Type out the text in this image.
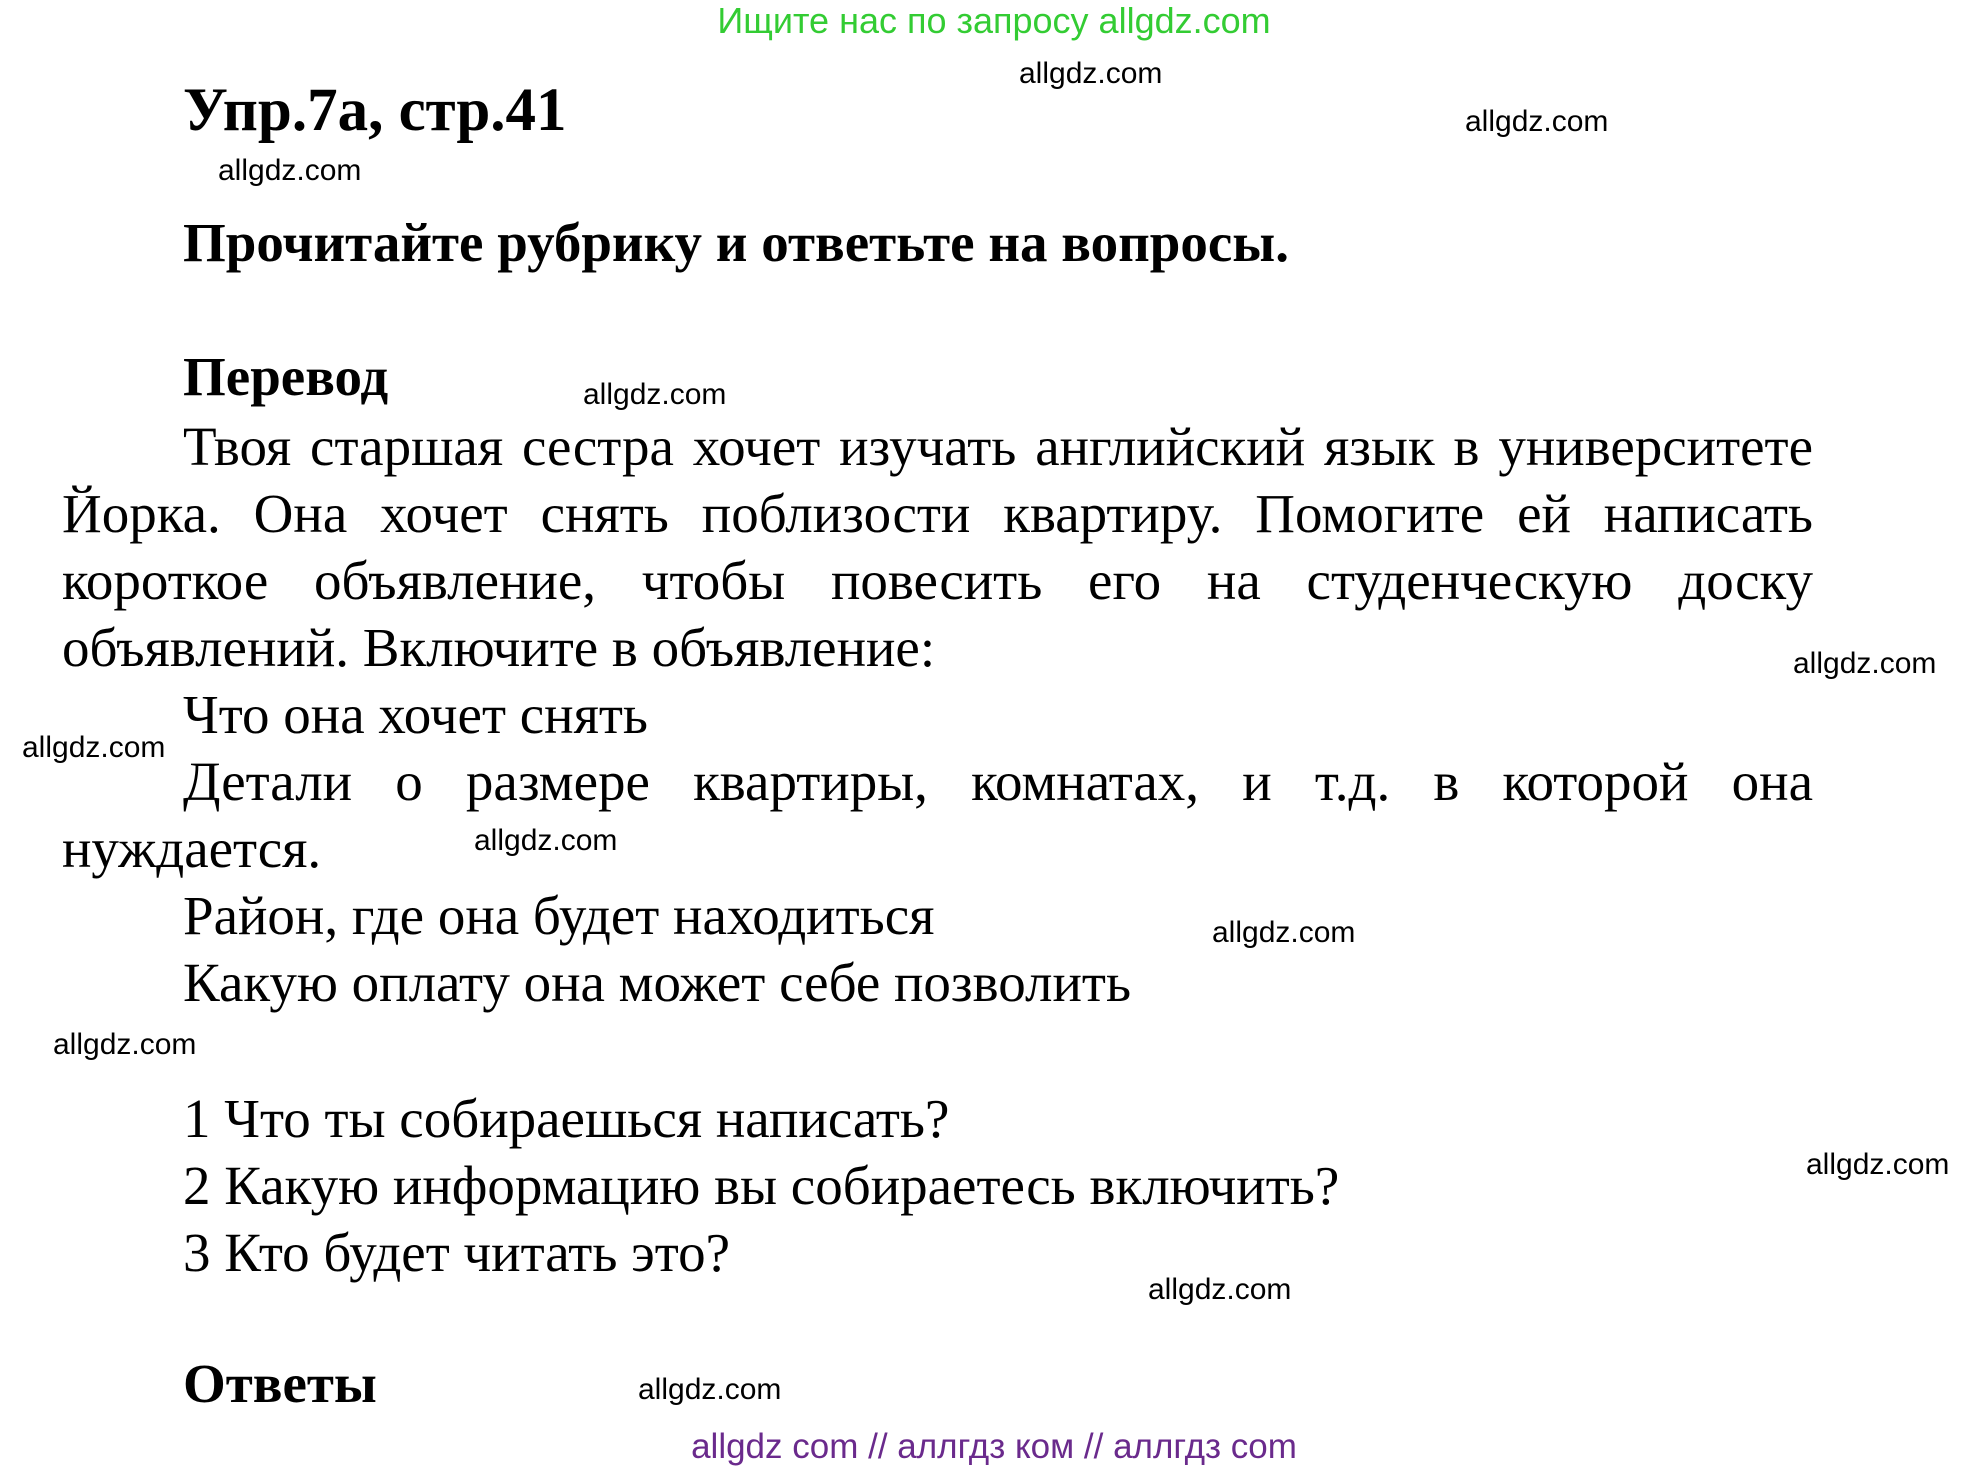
Ищите нас по запросу allgdz.com
Упр.7а, стр.41
Прочитайте рубрику и ответьте на вопросы.
Перевод

Твоя старшая сестра хочет изучать английский язык в университете Йорка. Она хочет снять поблизости квартиру. Помогите ей написать короткое объявление, чтобы повесить его на студенческую доску объявлений. Включите в объявление:

Что она хочет снять

Детали о размере квартиры, комнатах, и т.д. в которой она нуждается.

Район, где она будет находиться
Какую оплату она может себе позволить
1 Что ты собираешься написать?
2 Какую информацию вы собираетесь включить?
3 Кто будет читать это?
Ответы
allgdz.com
allgdz.com
allgdz.com
allgdz.com
allgdz.com
allgdz.com
allgdz.com
allgdz.com
allgdz.com
allgdz.com
allgdz.com
allgdz.com
allgdz com // аллгдз ком // аллгдз com
